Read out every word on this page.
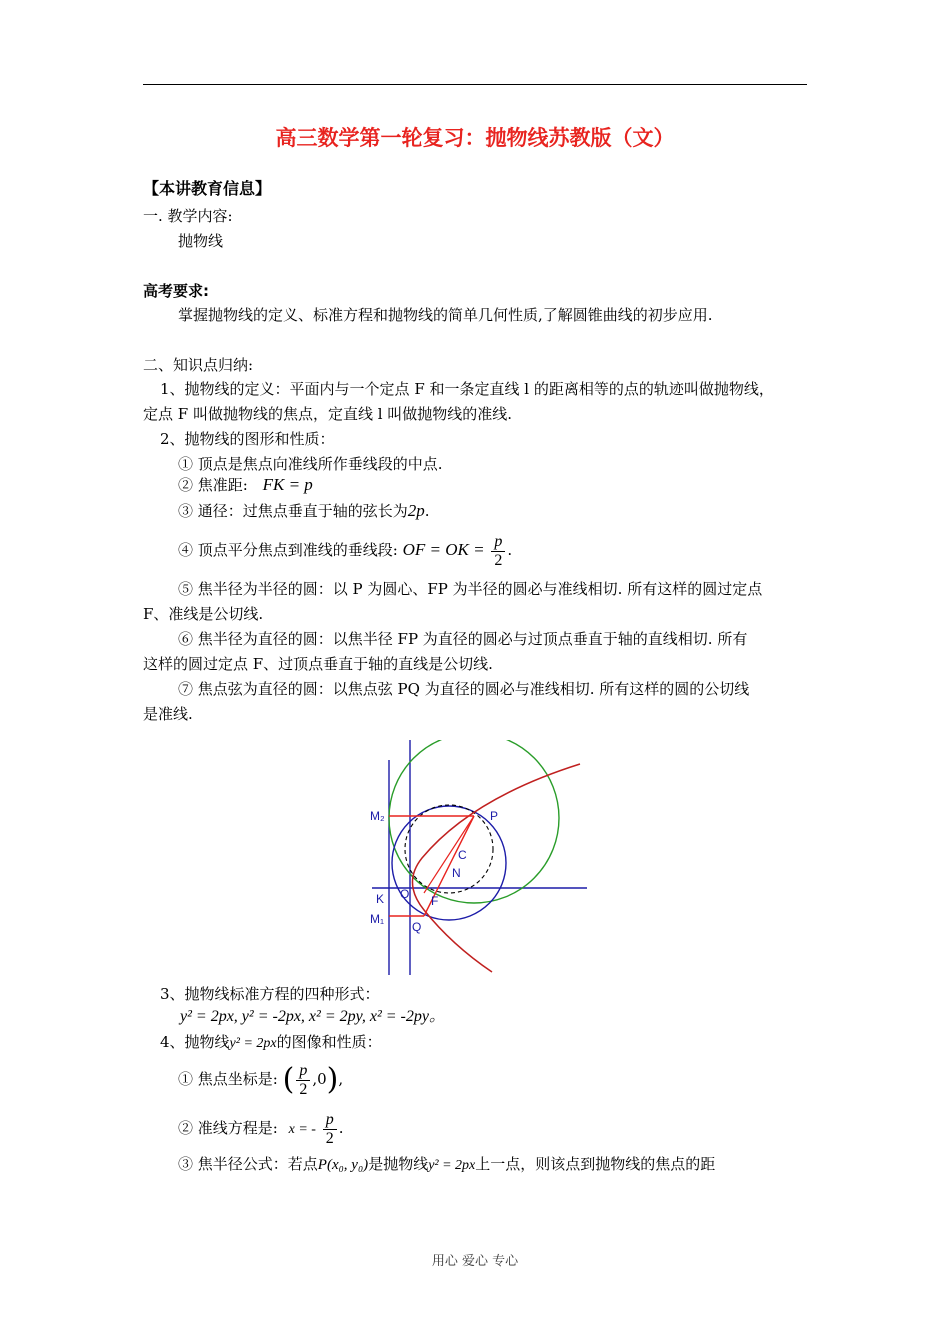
高三数学第一轮复习：抛物线苏教版（文）
【本讲教育信息】
一. 教学内容:
抛物线
高考要求:
掌握抛物线的定义、标准方程和抛物线的简单几何性质,了解圆锥曲线的初步应用.
二、知识点归纳:
1、抛物线的定义：平面内与一个定点 F 和一条定直线 l 的距离相等的点的轨迹叫做抛物线，
定点 F 叫做抛物线的焦点，定直线 l 叫做抛物线的准线.
2、抛物线的图形和性质：
① 顶点是焦点向准线所作垂线段的中点.
② 焦准距: FK = p
③ 通径：过焦点垂直于轴的弦长为2p.
④ 顶点平分焦点到准线的垂线段: OF = OK = $\frac{p}{2}$ .
⑤ 焦半径为半径的圆：以 P 为圆心、FP 为半径的圆必与准线相切. 所有这样的圆过定点
F、准线是公切线.
⑥ 焦半径为直径的圆：以焦半径 FP 为直径的圆必与过顶点垂直于轴的直线相切. 所有
这样的圆过定点 F、过顶点垂直于轴的直线是公切线.
⑦ 焦点弦为直径的圆：以焦点弦 PQ 为直径的圆必与准线相切. 所有这样的圆的公切线
是准线.
M₂	P
C
N
K O F
M₁
Q
3、抛物线标准方程的四种形式：
y² = 2px, y² = -2px, x² = 2py, x² = -2py。
4、抛物线y² = 2px的图像和性质：
① 焦点坐标是: ( $\frac{p}{2} ,0$),
② 准线方程是: x = - $\frac{p}{2}$ .
③ 焦半径公式：若点P(x₀, y₀)是抛物线y² = 2px上一点，则该点到抛物线的焦点的距
用心 爱心 专心
